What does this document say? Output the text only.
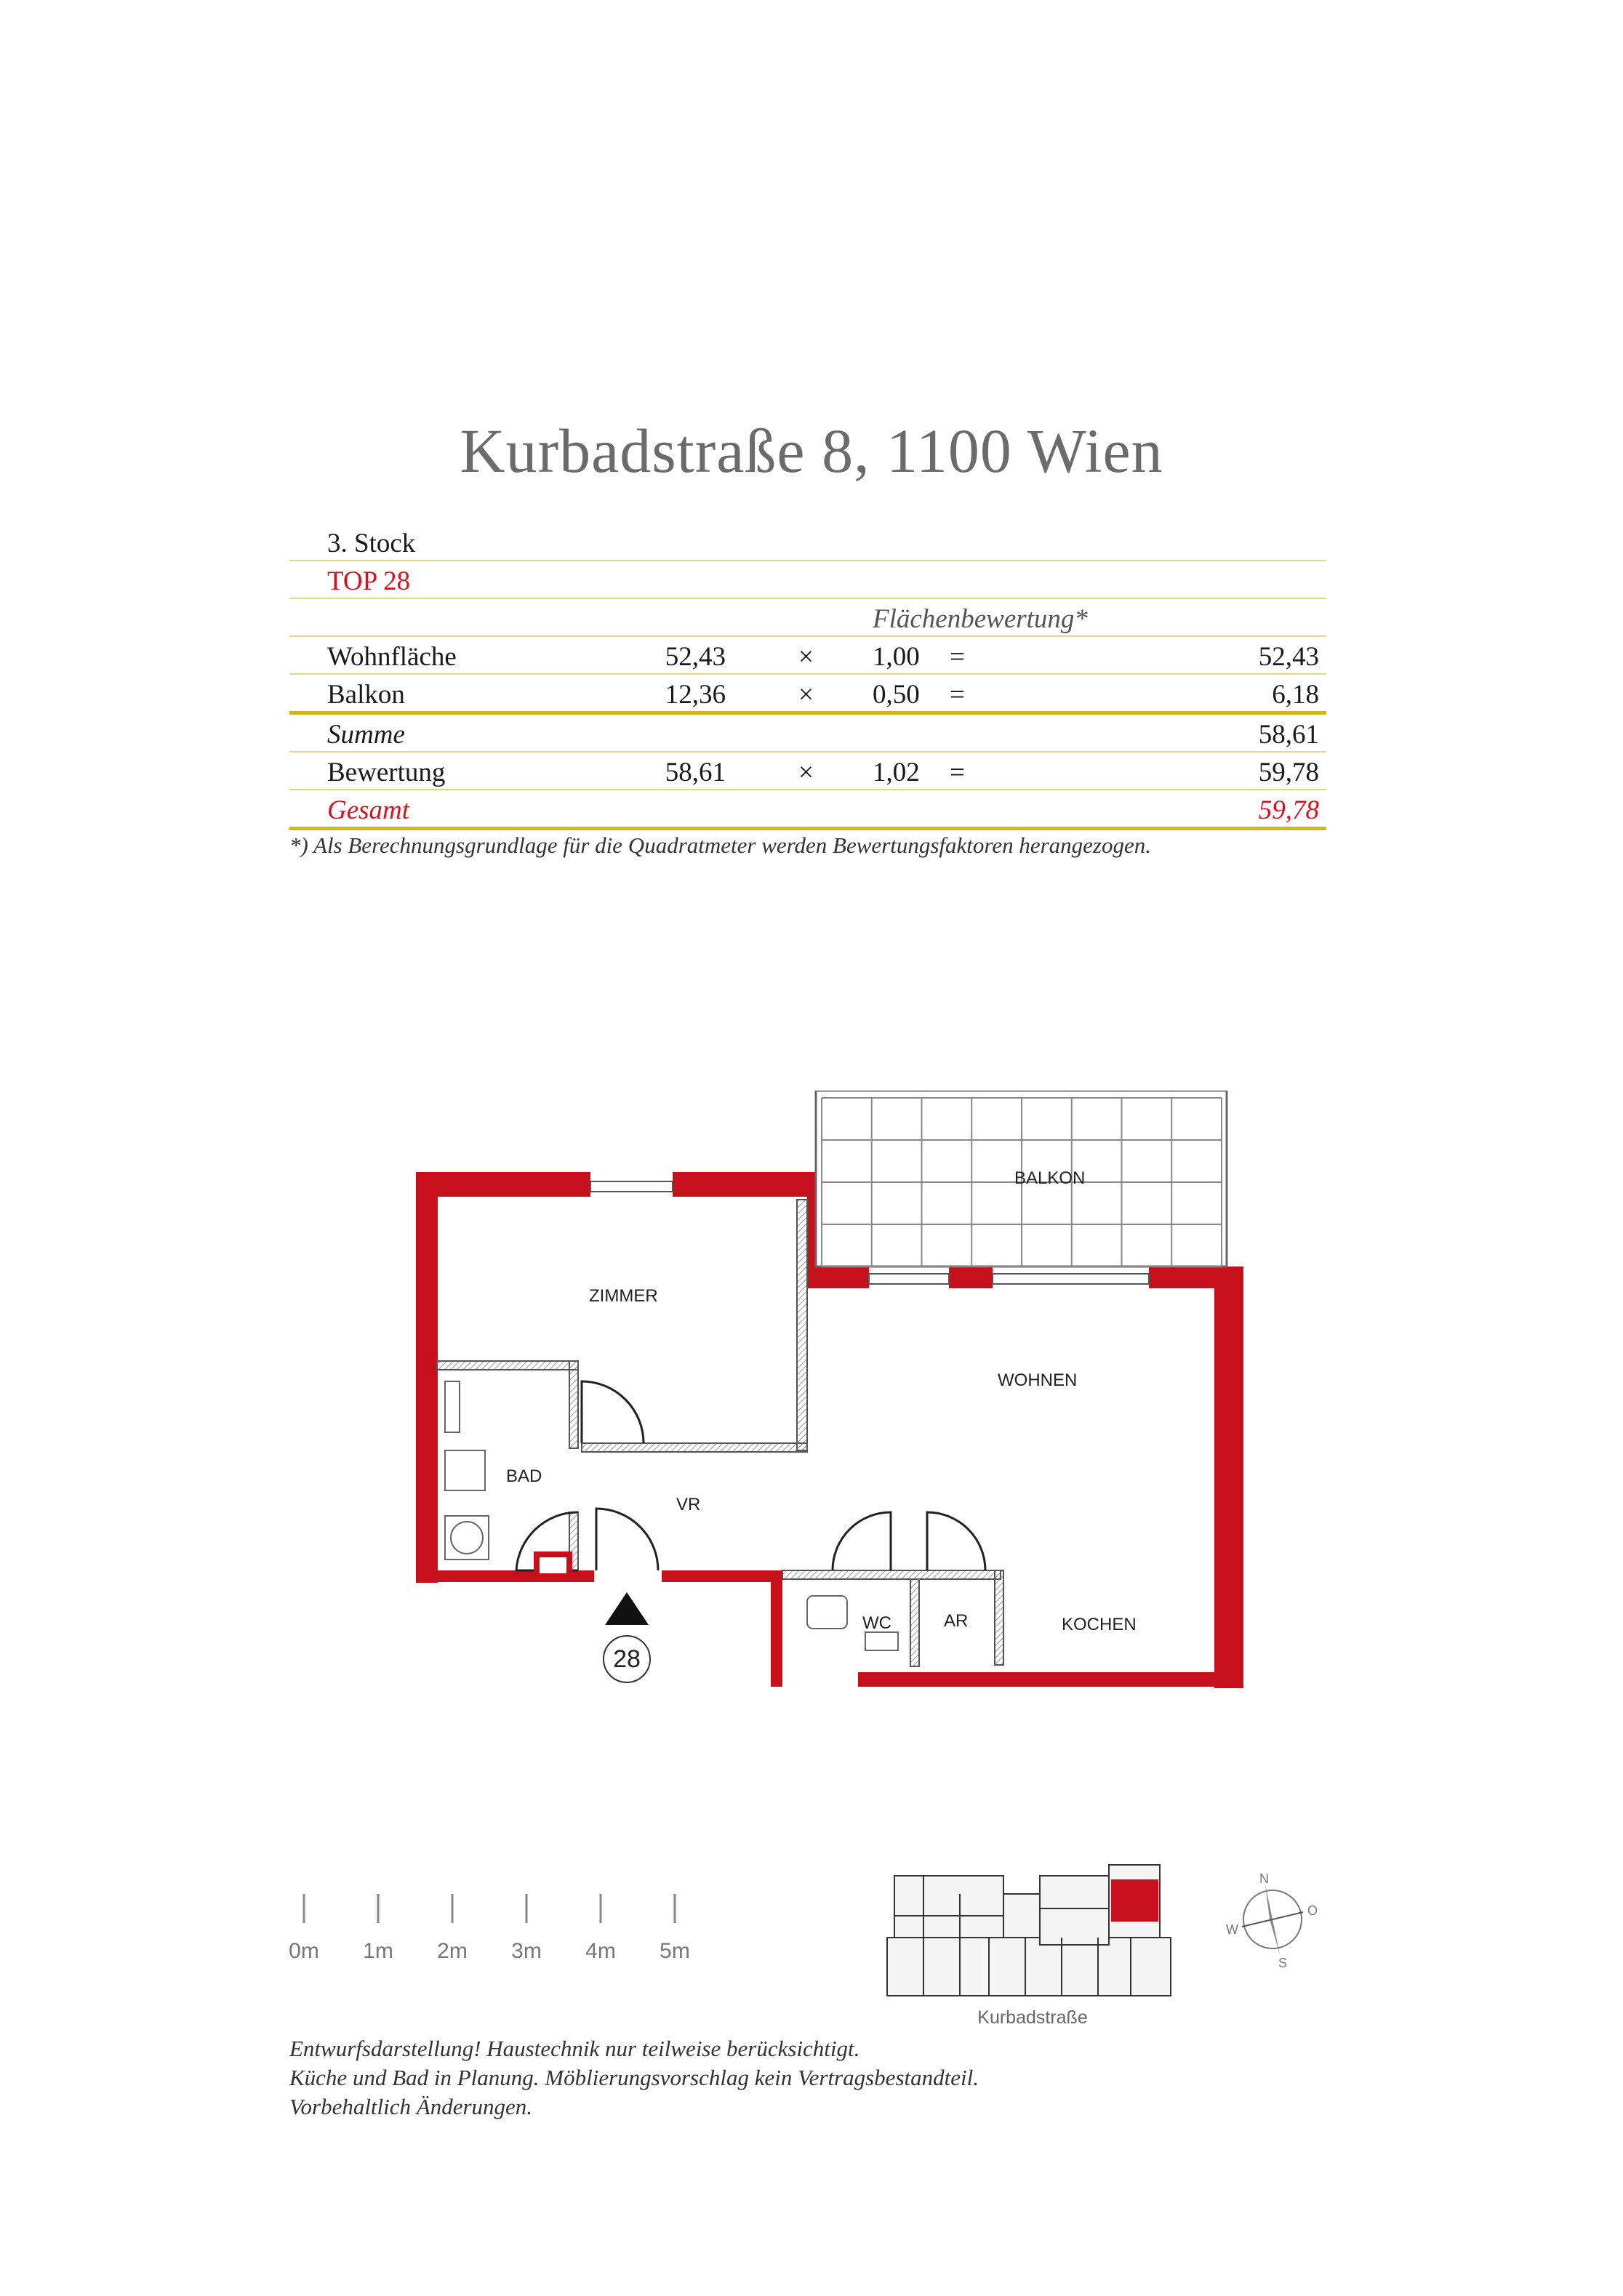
Kurbadstraße 8, 1100 Wien
3. Stock
TOP 28
Flächenbewertung*
Wohnfläche	52,43	× 1,00 =	52,43
Balkon	12,36	× 0,50 =	6,18
Summe	58,61
Bewertung	58,61	× 1,02 =	59,78
Gesamt	59,78
*) Als Berechnungsgrundlage für die Quadratmeter werden Bewertungsfaktoren herangezogen.
BALKON
ZIMMER
WOHNEN
BAD
VR
WC	AR	KOCHEN
28
0m 1m 2m 3m 4m 5m
Kurbadstraße
N
O
S
W
Entwurfsdarstellung! Haustechnik nur teilweise berücksichtigt.
Küche und Bad in Planung. Möblierungsvorschlag kein Vertragsbestandteil.
Vorbehaltlich Änderungen.
